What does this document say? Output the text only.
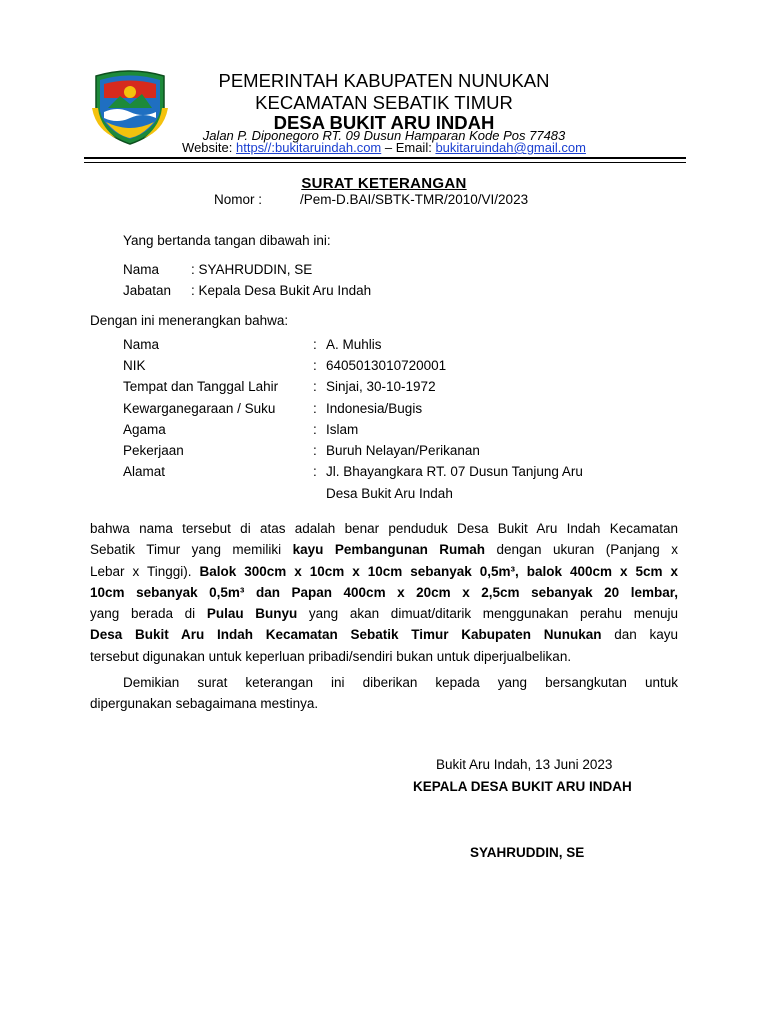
PEMERINTAH KABUPATEN NUNUKAN
KECAMATAN SEBATIK TIMUR
DESA BUKIT ARU INDAH
Jalan P. Diponegoro RT. 09 Dusun Hamparan Kode Pos 77483
Website: https//:bukitaruindah.com – Email: bukitaruindah@gmail.com
SURAT KETERANGAN
Nomor :	/Pem-D.BAI/SBTK-TMR/2010/VI/2023
Yang bertanda tangan dibawah ini:
Nama : SYAHRUDDIN, SE
Jabatan : Kepala Desa Bukit Aru Indah
Dengan ini menerangkan bahwa:
Nama	: A. Muhlis
NIK	: 6405013010720001
Tempat dan Tanggal Lahir	: Sinjai, 30-10-1972
Kewarganegaraan / Suku	: Indonesia/Bugis
Agama	: Islam
Pekerjaan	: Buruh Nelayan/Perikanan
Alamat	: Jl. Bhayangkara RT. 07 Dusun Tanjung Aru
Desa Bukit Aru Indah
bahwa nama tersebut di atas adalah benar penduduk Desa Bukit Aru Indah Kecamatan
Sebatik Timur yang memiliki kayu Pembangunan Rumah dengan ukuran (Panjang x
Lebar x Tinggi). Balok 300cm x 10cm x 10cm sebanyak 0,5m³, balok 400cm x 5cm x
10cm sebanyak 0,5m³ dan Papan 400cm x 20cm x 2,5cm sebanyak 20 lembar,
yang berada di Pulau Bunyu yang akan dimuat/ditarik menggunakan perahu menuju
Desa Bukit Aru Indah Kecamatan Sebatik Timur Kabupaten Nunukan dan kayu
tersebut digunakan untuk keperluan pribadi/sendiri bukan untuk diperjualbelikan.
Demikian surat keterangan ini diberikan kepada yang bersangkutan untuk
dipergunakan sebagaimana mestinya.
Bukit Aru Indah, 13 Juni 2023
KEPALA DESA BUKIT ARU INDAH
SYAHRUDDIN, SE
